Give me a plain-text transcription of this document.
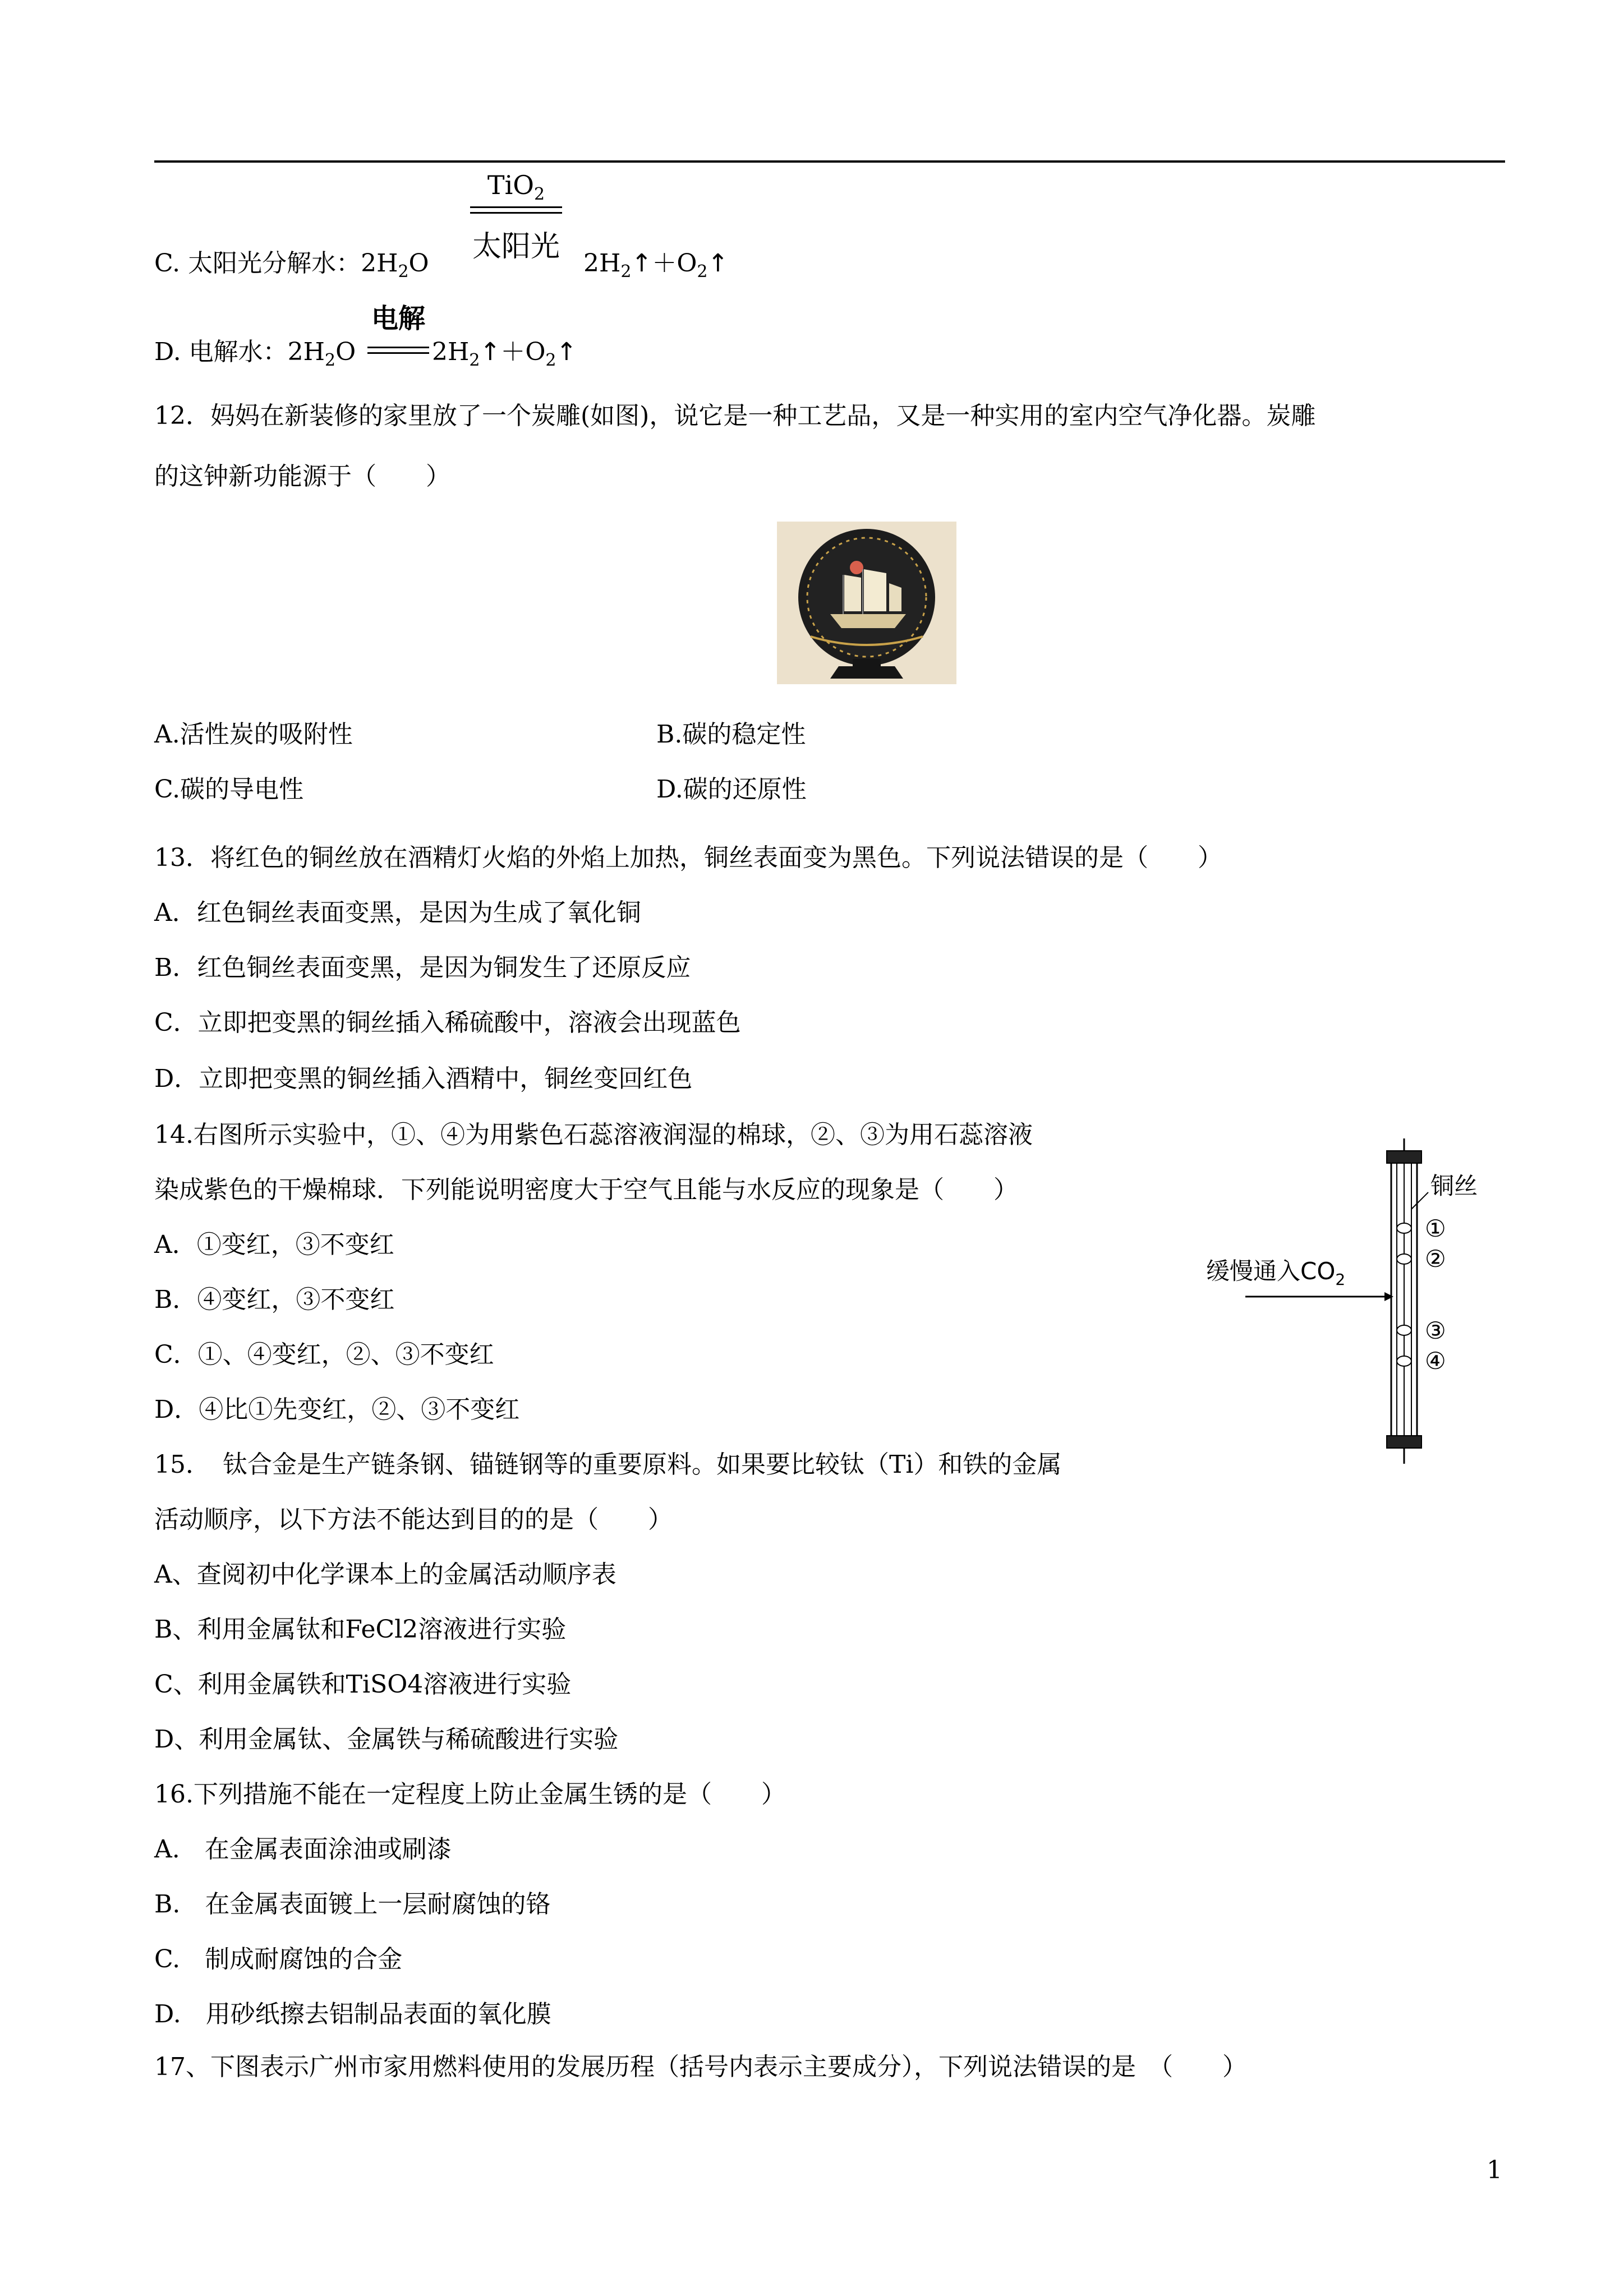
C. 太阳光分解水：$2H_2O$
TiO$_2$
太阳光 $2H_2↑+O_2↑$
D. 电解水：$2H_2O$
电解
$2H_2↑+O_2↑$
12．妈妈在新装修的家里放了一个炭雕(如图)，说它是一种工艺品，又是一种实用的室内空气净化器。炭雕
的这钟新功能源于（　　）
A.活性炭的吸附性	B.碳的稳定性
C.碳的导电性	D.碳的还原性
13．将红色的铜丝放在酒精灯火焰的外焰上加热，铜丝表面变为黑色。下列说法错误的是（　　）
A．红色铜丝表面变黑，是因为生成了氧化铜
B．红色铜丝表面变黑，是因为铜发生了还原反应
C．立即把变黑的铜丝插入稀硫酸中，溶液会出现蓝色
D．立即把变黑的铜丝插入酒精中，铜丝变回红色
14.右图所示实验中，①、④为用紫色石蕊溶液润湿的棉球，②、③为用石蕊溶液
染成紫色的干燥棉球．下列能说明密度大于空气且能与水反应的现象是（　　）
A．①变红，③不变红
B．④变红，③不变红
C．①、④变红，②、③不变红
D．④比①先变红，②、③不变红
铜丝
缓慢通入$CO_2$
①
②
③
④
15．　钛合金是生产链条钢、锚链钢等的重要原料。如果要比较钛（Ti）和铁的金属
活动顺序，以下方法不能达到目的的是（　　）
A、查阅初中化学课本上的金属活动顺序表
B、利用金属钛和FeCl2溶液进行实验
C、利用金属铁和TiSO4溶液进行实验
D、利用金属钛、金属铁与稀硫酸进行实验
16.下列措施不能在一定程度上防止金属生锈的是（　　）
A.　在金属表面涂油或刷漆
B.　在金属表面镀上一层耐腐蚀的铬
C.　制成耐腐蚀的合金
D.　用砂纸擦去铝制品表面的氧化膜
17、下图表示广州市家用燃料使用的发展历程（括号内表示主要成分），下列说法错误的是　（　　）
1
